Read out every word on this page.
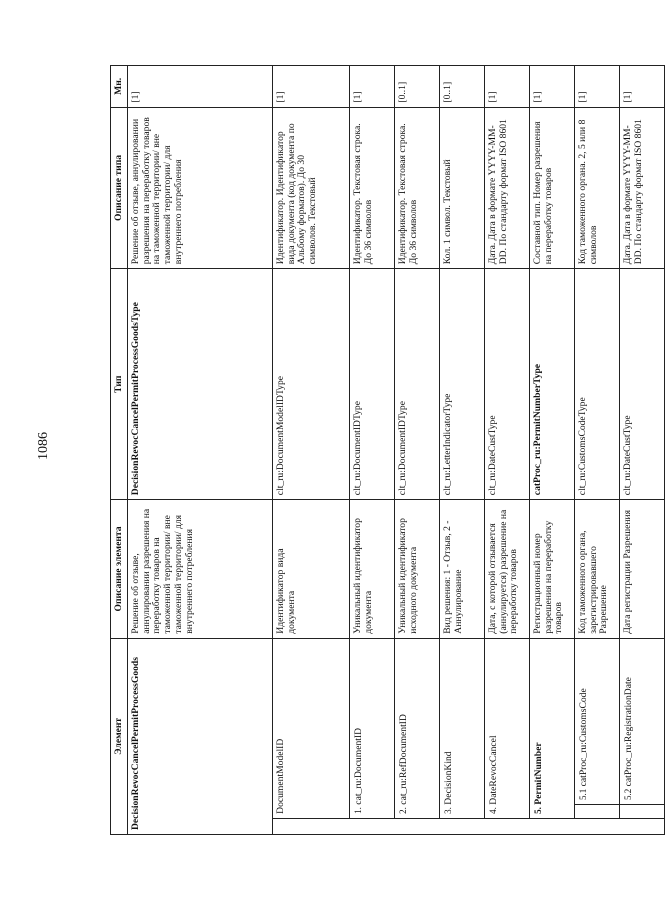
1086
Элемент			Описание элемента	Тип	Описание типа	Мн.
DecisionRevocCancelPermitProcessGoods			Решение об отзыве, аннулировании разрешения на переработку товаров на таможенной территории/ вне таможенной территории/ для внутреннего потребления	DecisionRevocCancelPermitProcessGoodsType	Решение об отзыве, аннулировании разрешения на переработку товаров на таможенной территории/ вне таможенной территории/ для внутреннего потребления	[1]
	DocumentModelID		Идентификатор вида документа	clt_ru:DocumentModelIDType	Идентификатор. Идентификатор вида документа (код документа по Альбому форматов). До 30 символов. Текстовый	[1]
	1. cat_ru:DocumentID		Уникальный идентификатор документа	clt_ru:DocumentIDType	Идентификатор. Текстовая строка. До 36 символов	[1]
	2. cat_ru:RefDocumentID		Уникальный идентификатор исходного документа	clt_ru:DocumentIDType	Идентификатор. Текстовая строка. До 36 символов	[0..1]
	3. DecisionKind		Вид решения: 1 - Отзыв, 2 - Аннулирование	clt_ru:LetterIndicatorType	Кол. 1 символ. Текстовый	[0..1]
	4. DateRevocCancel		Дата, с которой отзывается (аннулируется) разрешение на переработку товаров	clt_ru:DateCustType	Дата. Дата в формате YYYY-MM-DD. По стандарту формат ISO 8601	[1]
	5. PermitNumber		Регистрационный номер разрешения на переработку товаров	catProc_ru:PermitNumberType	Составной тип. Номер разрешения на переработку товаров	[1]
		5.1 catProc_ru:CustomsCode	Код таможенного органа, зарегистрировавшего Разрешение	clt_ru:CustomsCodeType	Код таможенного органа. 2, 5 или 8 символов	[1]
		5.2 catProc_ru:RegistrationDate	Дата регистрации Разрешения	clt_ru:DateCustType	Дата. Дата в формате YYYY-MM-DD. По стандарту формат ISO 8601	[1]
